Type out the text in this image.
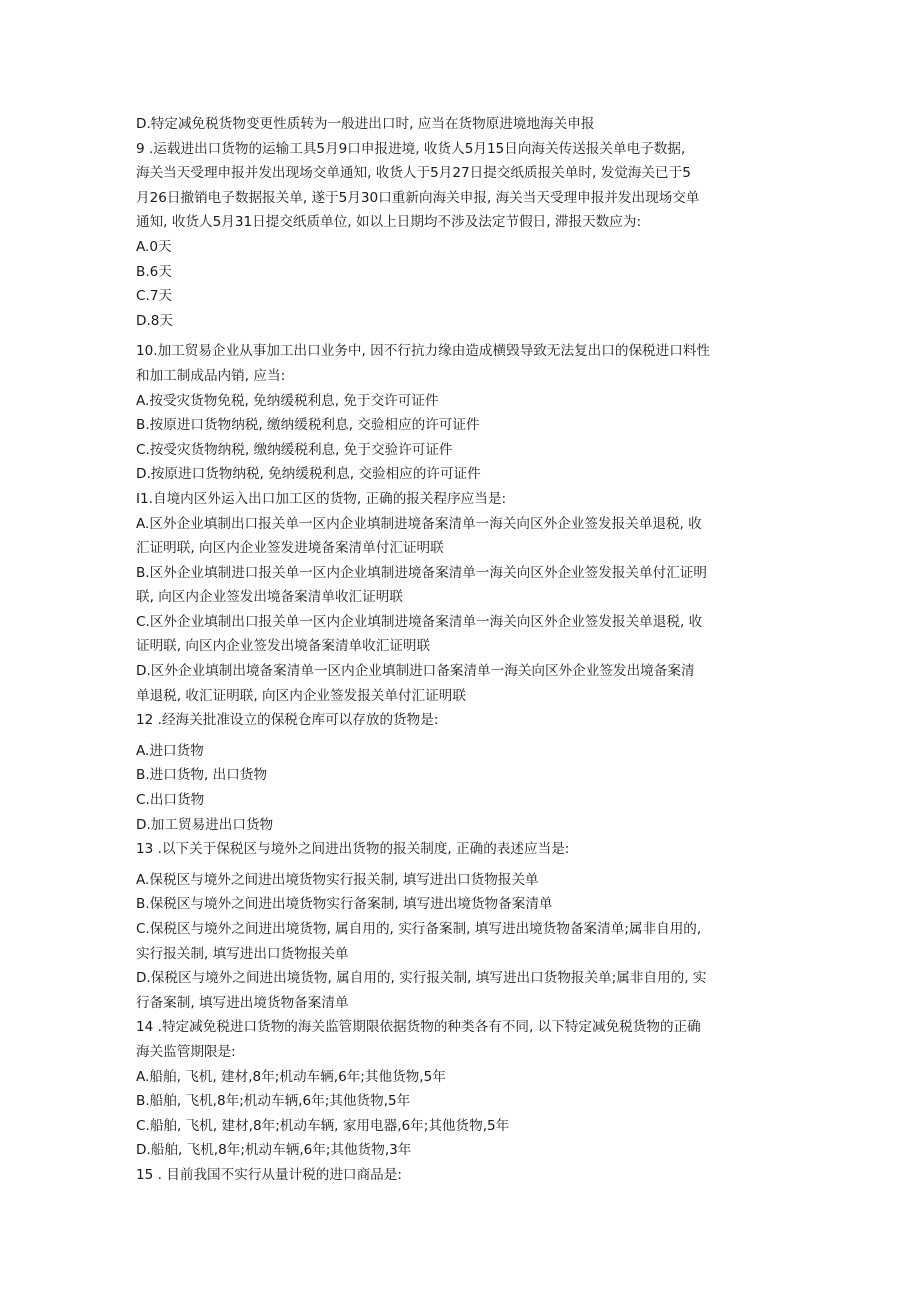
D.特定减免税货物变更性质转为一般进出口时, 应当在货物原进境地海关申报
9 .运载进出口货物的运输工具5月9口申报进境, 收货人5月15日向海关传送报关单电子数据,
海关当天受理申报并发出现场交单通知, 收货人于5月27日提交纸质报关单时, 发觉海关已于5
月26日撤销电子数据报关单, 遂于5月30口重新向海关申报, 海关当天受理申报并发出现场交单
通知, 收货人5月31日提交纸质单位, 如以上日期均不涉及法定节假日, 滞报天数应为:
A.0天
B.6天
C.7天
D.8天
10.加工贸易企业从事加工出口业务中, 因不行抗力缘由造成横毁导致无法复出口的保税进口料性
和加工制成品内销, 应当:
A.按受灾货物免税, 免纳缓税利息, 免于交许可证件
B.按原进口货物纳税, 缴纳缓税利息, 交验相应的许可证件
C.按受灾货物纳税, 缴纳缓税利息, 免于交验许可证件
D.按原进口货物纳税, 免纳缓税利息, 交验相应的许可证件
I1.自境内区外运入出口加工区的货物, 正确的报关程序应当是:
A.区外企业填制出口报关单一区内企业填制进境备案清单一海关向区外企业签发报关单退税, 收
汇证明联, 向区内企业签发进境备案清单付汇证明联
B.区外企业填制进口报关单一区内企业填制进境备案清单一海关向区外企业签发报关单付汇证明
联, 向区内企业签发出境备案清单收汇证明联
C.区外企业填制出口报关单一区内企业填制进境备案清单一海关向区外企业签发报关单退税, 收
证明联, 向区内企业签发出境备案清单收汇证明联
D.区外企业填制出境备案清单一区内企业填制进口备案清单一海关向区外企业签发出境备案清
单退税, 收汇证明联, 向区内企业签发报关单付汇证明联
12 .经海关批准设立的保税仓库可以存放的货物是:
A.进口货物
B.进口货物, 出口货物
C.出口货物
D.加工贸易进出口货物
13 .以下关于保税区与境外之间进出货物的报关制度, 正确的表述应当是:
A.保税区与境外之间进出境货物实行报关制, 填写进出口货物报关单
B.保税区与境外之间进出境货物实行备案制, 填写进出境货物备案清单
C.保税区与境外之间进出境货物, 属自用的, 实行备案制, 填写进出境货物备案清单;属非自用的,
实行报关制, 填写进出口货物报关单
D.保税区与境外之间进出境货物, 属自用的, 实行报关制, 填写进出口货物报关单;属非自用的, 实
行备案制, 填写进出境货物备案清单
14 .特定减免税进口货物的海关监管期限依据货物的种类各有不同, 以下特定减免税货物的正确
海关监管期限是:
A.船舶, 飞机, 建材,8年;机动车辆,6年;其他货物,5年
B.船舶, 飞机,8年;机动车辆,6年;其他货物,5年
C.船舶, 飞机, 建材,8年;机动车辆, 家用电器,6年;其他货物,5年
D.船舶, 飞机,8年;机动车辆,6年;其他货物,3年
15 . 目前我国不实行从量计税的进口商品是:
